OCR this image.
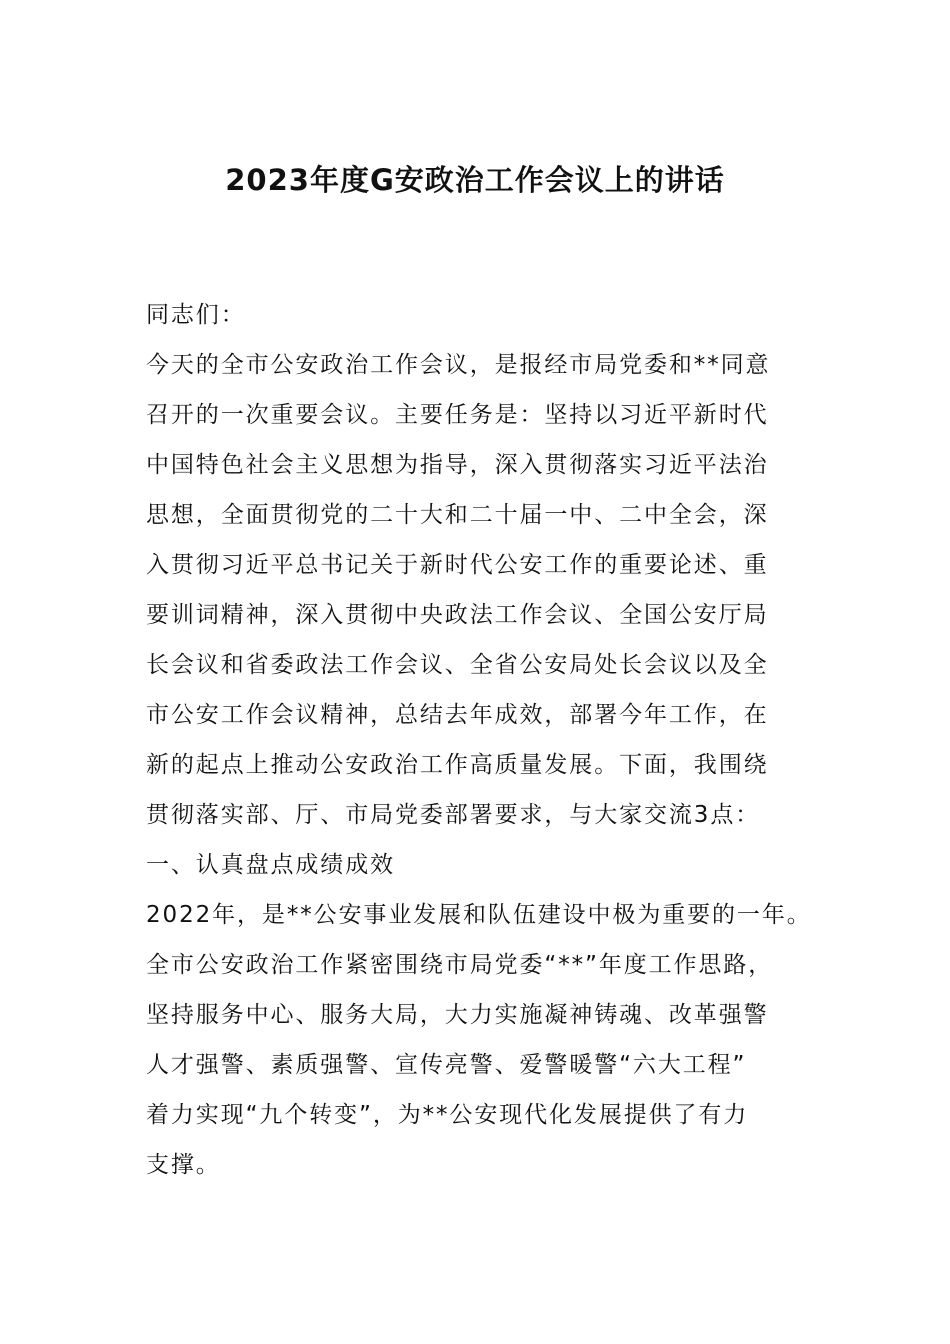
2023年度G安政治工作会议上的讲话
同志们：
今天的全市公安政治工作会议，是报经市局党委和**同意
召开的一次重要会议。主要任务是：坚持以习近平新时代
中国特色社会主义思想为指导，深入贯彻落实习近平法治
思想，全面贯彻党的二十大和二十届一中、二中全会，深
入贯彻习近平总书记关于新时代公安工作的重要论述、重
要训词精神，深入贯彻中央政法工作会议、全国公安厅局
长会议和省委政法工作会议、全省公安局处长会议以及全
市公安工作会议精神，总结去年成效，部署今年工作，在
新的起点上推动公安政治工作高质量发展。下面，我围绕
贯彻落实部、厅、市局党委部署要求，与大家交流3点：
一、认真盘点成绩成效
2022年，是**公安事业发展和队伍建设中极为重要的一年。
全市公安政治工作紧密围绕市局党委“**”年度工作思路，
坚持服务中心、服务大局，大力实施凝神铸魂、改革强警
人才强警、素质强警、宣传亮警、爱警暖警“六大工程”
着力实现“九个转变”，为**公安现代化发展提供了有力
支撑。
